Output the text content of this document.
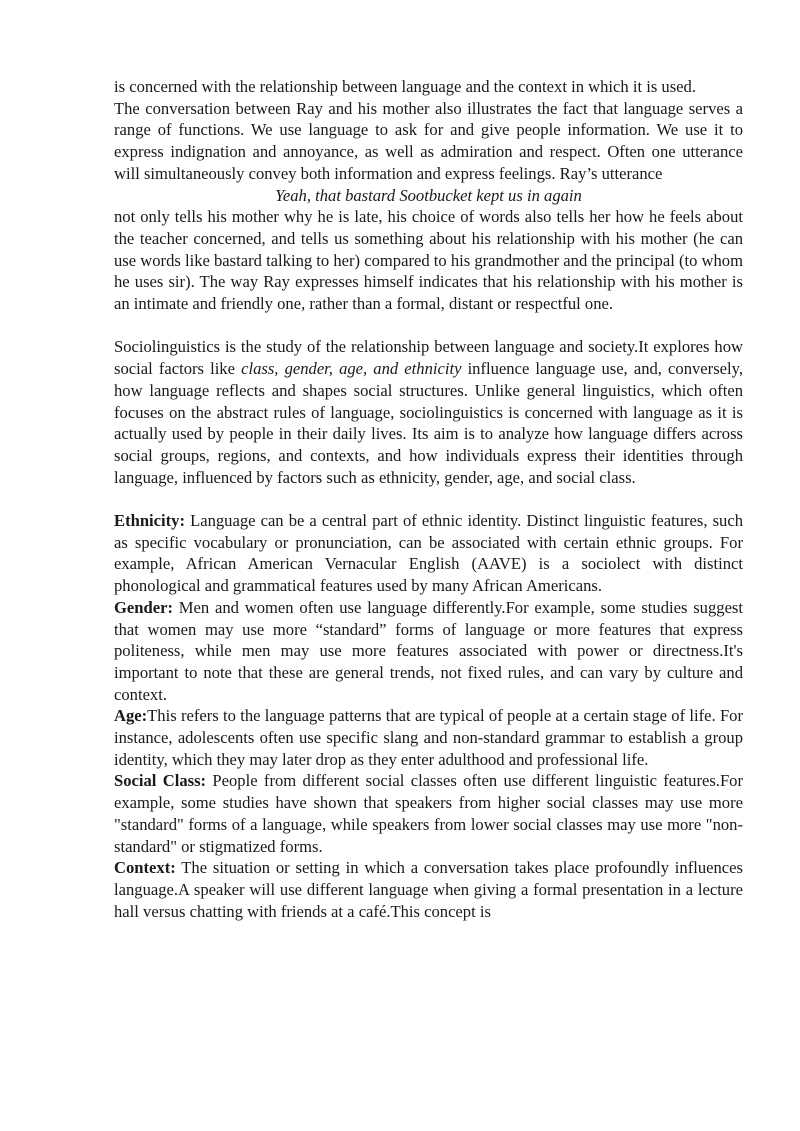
is concerned with the relationship between language and the context in which it is used.

The conversation between Ray and his mother also illustrates the fact that language serves a range of functions. We use language to ask for and give people information. We use it to express indignation and annoyance, as well as admiration and respect. Often one utterance will simultaneously convey both information and express feelings. Ray’s utterance

Yeah, that bastard Sootbucket kept us in again

not only tells his mother why he is late, his choice of words also tells her how he feels about the teacher concerned, and tells us something about his relationship with his mother (he can use words like bastard talking to her) compared to his grandmother and the principal (to whom he uses sir). The way Ray expresses himself indicates that his relationship with his mother is an intimate and friendly one, rather than a formal, distant or respectful one.

Sociolinguistics is the study of the relationship between language and society.It explores how social factors like class, gender, age, and ethnicity influence language use, and, conversely, how language reflects and shapes social structures. Unlike general linguistics, which often focuses on the abstract rules of language, sociolinguistics is concerned with language as it is actually used by people in their daily lives. Its aim is to analyze how language differs across social groups, regions, and contexts, and how individuals express their identities through language, influenced by factors such as ethnicity, gender, age, and social class.

Ethnicity: Language can be a central part of ethnic identity. Distinct linguistic features, such as specific vocabulary or pronunciation, can be associated with certain ethnic groups. For example, African American Vernacular English (AAVE) is a sociolect with distinct phonological and grammatical features used by many African Americans.

Gender: Men and women often use language differently.For example, some studies suggest that women may use more “standard” forms of language or more features that express politeness, while men may use more features associated with power or directness.It's important to note that these are general trends, not fixed rules, and can vary by culture and context.

Age:This refers to the language patterns that are typical of people at a certain stage of life. For instance, adolescents often use specific slang and non-standard grammar to establish a group identity, which they may later drop as they enter adulthood and professional life.

Social Class: People from different social classes often use different linguistic features.For example, some studies have shown that speakers from higher social classes may use more "standard" forms of a language, while speakers from lower social classes may use more "non-standard" or stigmatized forms.

Context: The situation or setting in which a conversation takes place profoundly influences language.A speaker will use different language when giving a formal presentation in a lecture hall versus chatting with friends at a café.This concept is
